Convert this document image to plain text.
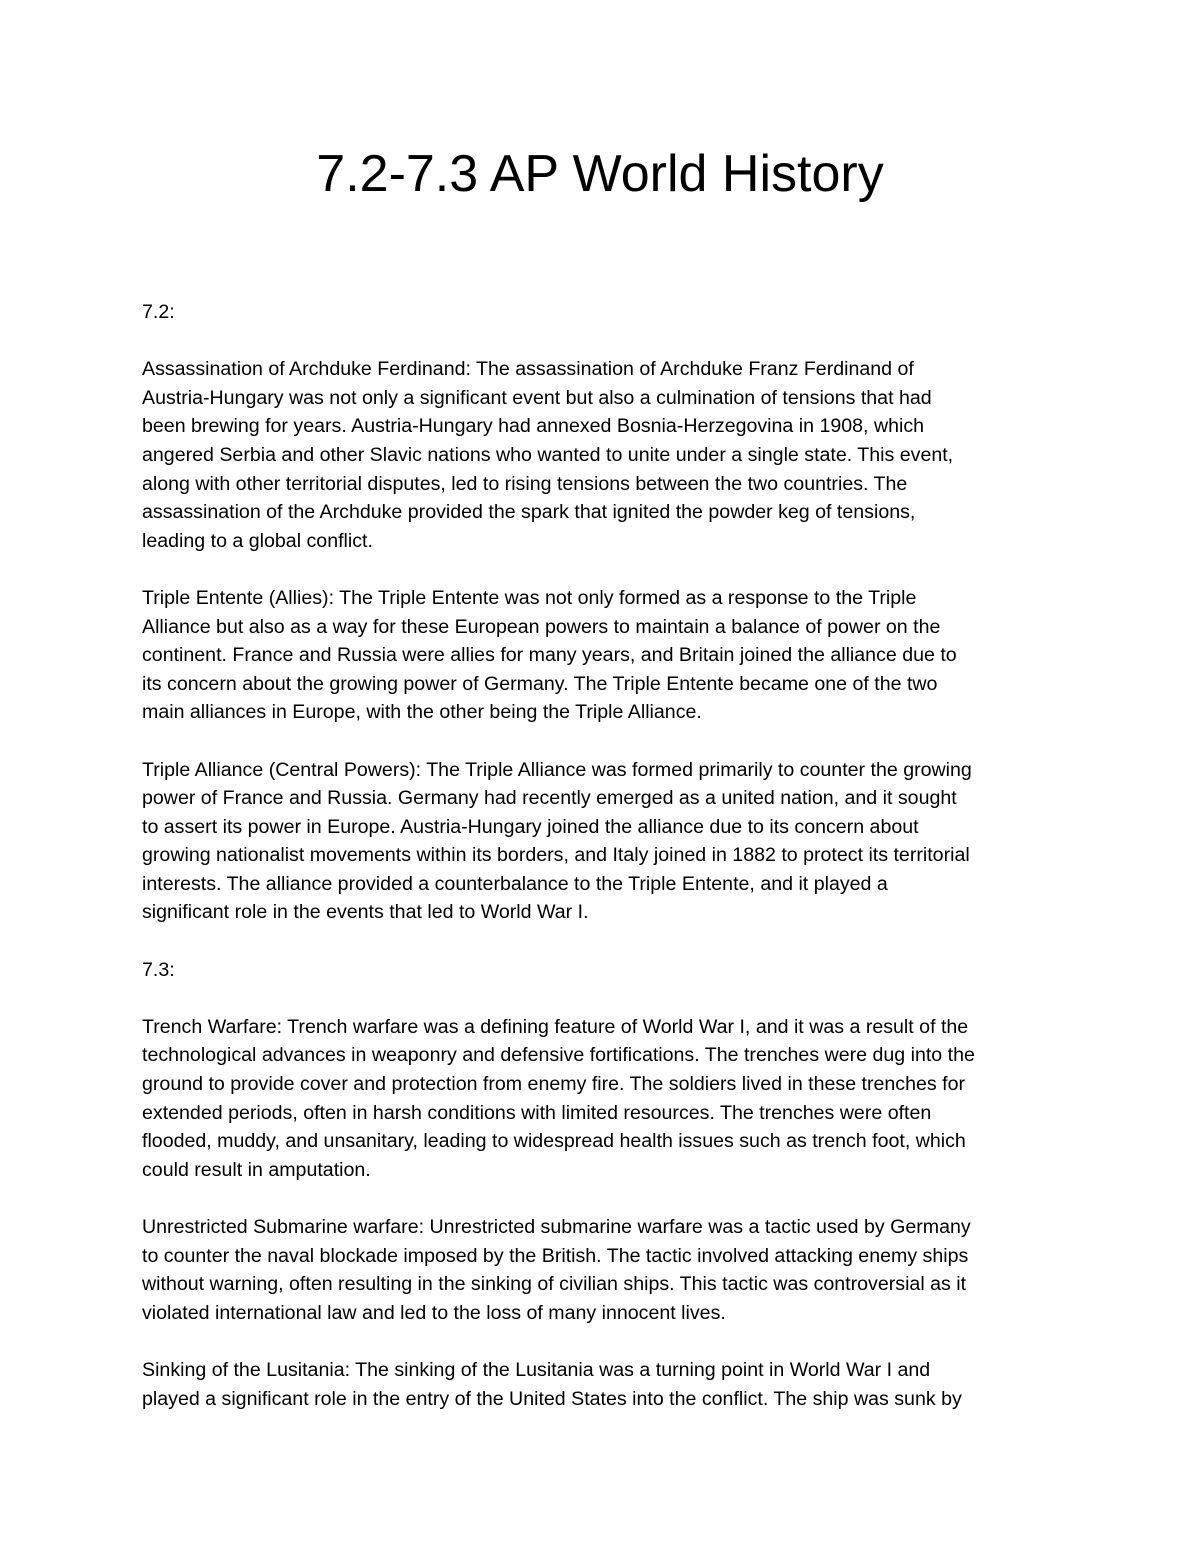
7.2-7.3 AP World History

7.2:

Assassination of Archduke Ferdinand: The assassination of Archduke Franz Ferdinand of
Austria-Hungary was not only a significant event but also a culmination of tensions that had
been brewing for years. Austria-Hungary had annexed Bosnia-Herzegovina in 1908, which
angered Serbia and other Slavic nations who wanted to unite under a single state. This event,
along with other territorial disputes, led to rising tensions between the two countries. The
assassination of the Archduke provided the spark that ignited the powder keg of tensions,
leading to a global conflict.

Triple Entente (Allies): The Triple Entente was not only formed as a response to the Triple
Alliance but also as a way for these European powers to maintain a balance of power on the
continent. France and Russia were allies for many years, and Britain joined the alliance due to
its concern about the growing power of Germany. The Triple Entente became one of the two
main alliances in Europe, with the other being the Triple Alliance.

Triple Alliance (Central Powers): The Triple Alliance was formed primarily to counter the growing
power of France and Russia. Germany had recently emerged as a united nation, and it sought
to assert its power in Europe. Austria-Hungary joined the alliance due to its concern about
growing nationalist movements within its borders, and Italy joined in 1882 to protect its territorial
interests. The alliance provided a counterbalance to the Triple Entente, and it played a
significant role in the events that led to World War I.

7.3:

Trench Warfare: Trench warfare was a defining feature of World War I, and it was a result of the
technological advances in weaponry and defensive fortifications. The trenches were dug into the
ground to provide cover and protection from enemy fire. The soldiers lived in these trenches for
extended periods, often in harsh conditions with limited resources. The trenches were often
flooded, muddy, and unsanitary, leading to widespread health issues such as trench foot, which
could result in amputation.

Unrestricted Submarine warfare: Unrestricted submarine warfare was a tactic used by Germany
to counter the naval blockade imposed by the British. The tactic involved attacking enemy ships
without warning, often resulting in the sinking of civilian ships. This tactic was controversial as it
violated international law and led to the loss of many innocent lives.

Sinking of the Lusitania: The sinking of the Lusitania was a turning point in World War I and
played a significant role in the entry of the United States into the conflict. The ship was sunk by
